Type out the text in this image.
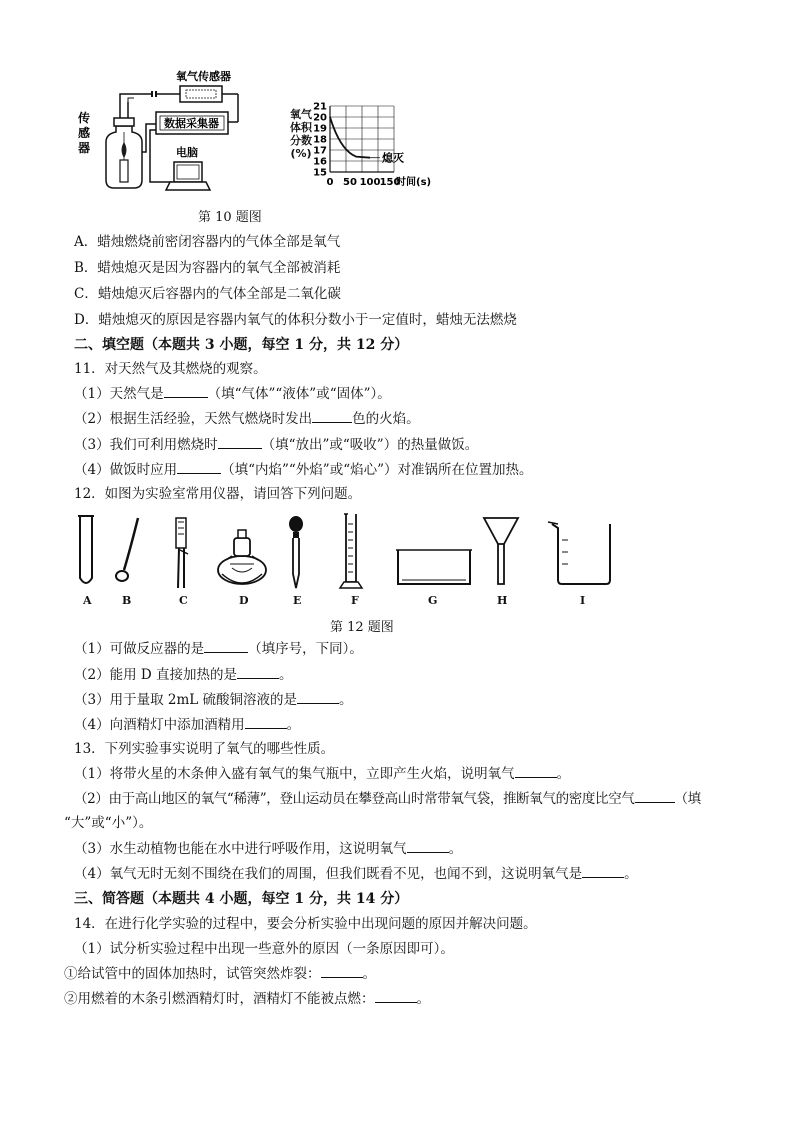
传
感
器
氧气传感器
数据采集器
电脑
氧气
体积
分数
(%)
21
20
19
18
17
16
15
0 50 100 150
时间(s)
熄灭
第 10 题图
A．蜡烛燃烧前密闭容器内的气体全部是氧气
B．蜡烛熄灭是因为容器内的氧气全部被消耗
C．蜡烛熄灭后容器内的气体全部是二氧化碳
D．蜡烛熄灭的原因是容器内氧气的体积分数小于一定值时，蜡烛无法燃烧
二、填空题（本题共 3 小题，每空 1 分，共 12 分）
11．对天然气及其燃烧的观察。
（1）天然气是	（填“气体”“液体”或“固体”）。
（2）根据生活经验，天然气燃烧时发出	色的火焰。
（3）我们可利用燃烧时	（填“放出”或“吸收”）的热量做饭。
（4）做饭时应用	（填“内焰”“外焰”或“焰心”）对准锅所在位置加热。
12．如图为实验室常用仪器，请回答下列问题。
A	B	C	D	E	F	G	H	I
第 12 题图
（1）可做反应器的是	（填序号，下同）。
（2）能用 D 直接加热的是	。
（3）用于量取 2mL 硫酸铜溶液的是	。
（4）向酒精灯中添加酒精用	。
13．下列实验事实说明了氧气的哪些性质。
（1）将带火星的木条伸入盛有氧气的集气瓶中，立即产生火焰，说明氧气	。
（2）由于高山地区的氧气“稀薄”，登山运动员在攀登高山时常带氧气袋，推断氧气的密度比空气	（填
“大”或“小”）。
（3）水生动植物也能在水中进行呼吸作用，这说明氧气	。
（4）氧气无时无刻不围绕在我们的周围，但我们既看不见，也闻不到，这说明氧气是	。
三、简答题（本题共 4 小题，每空 1 分，共 14 分）
14．在进行化学实验的过程中，要会分析实验中出现问题的原因并解决问题。
（1）试分析实验过程中出现一些意外的原因（一条原因即可）。
①给试管中的固体加热时，试管突然炸裂：	。
②用燃着的木条引燃酒精灯时，酒精灯不能被点燃：	。
